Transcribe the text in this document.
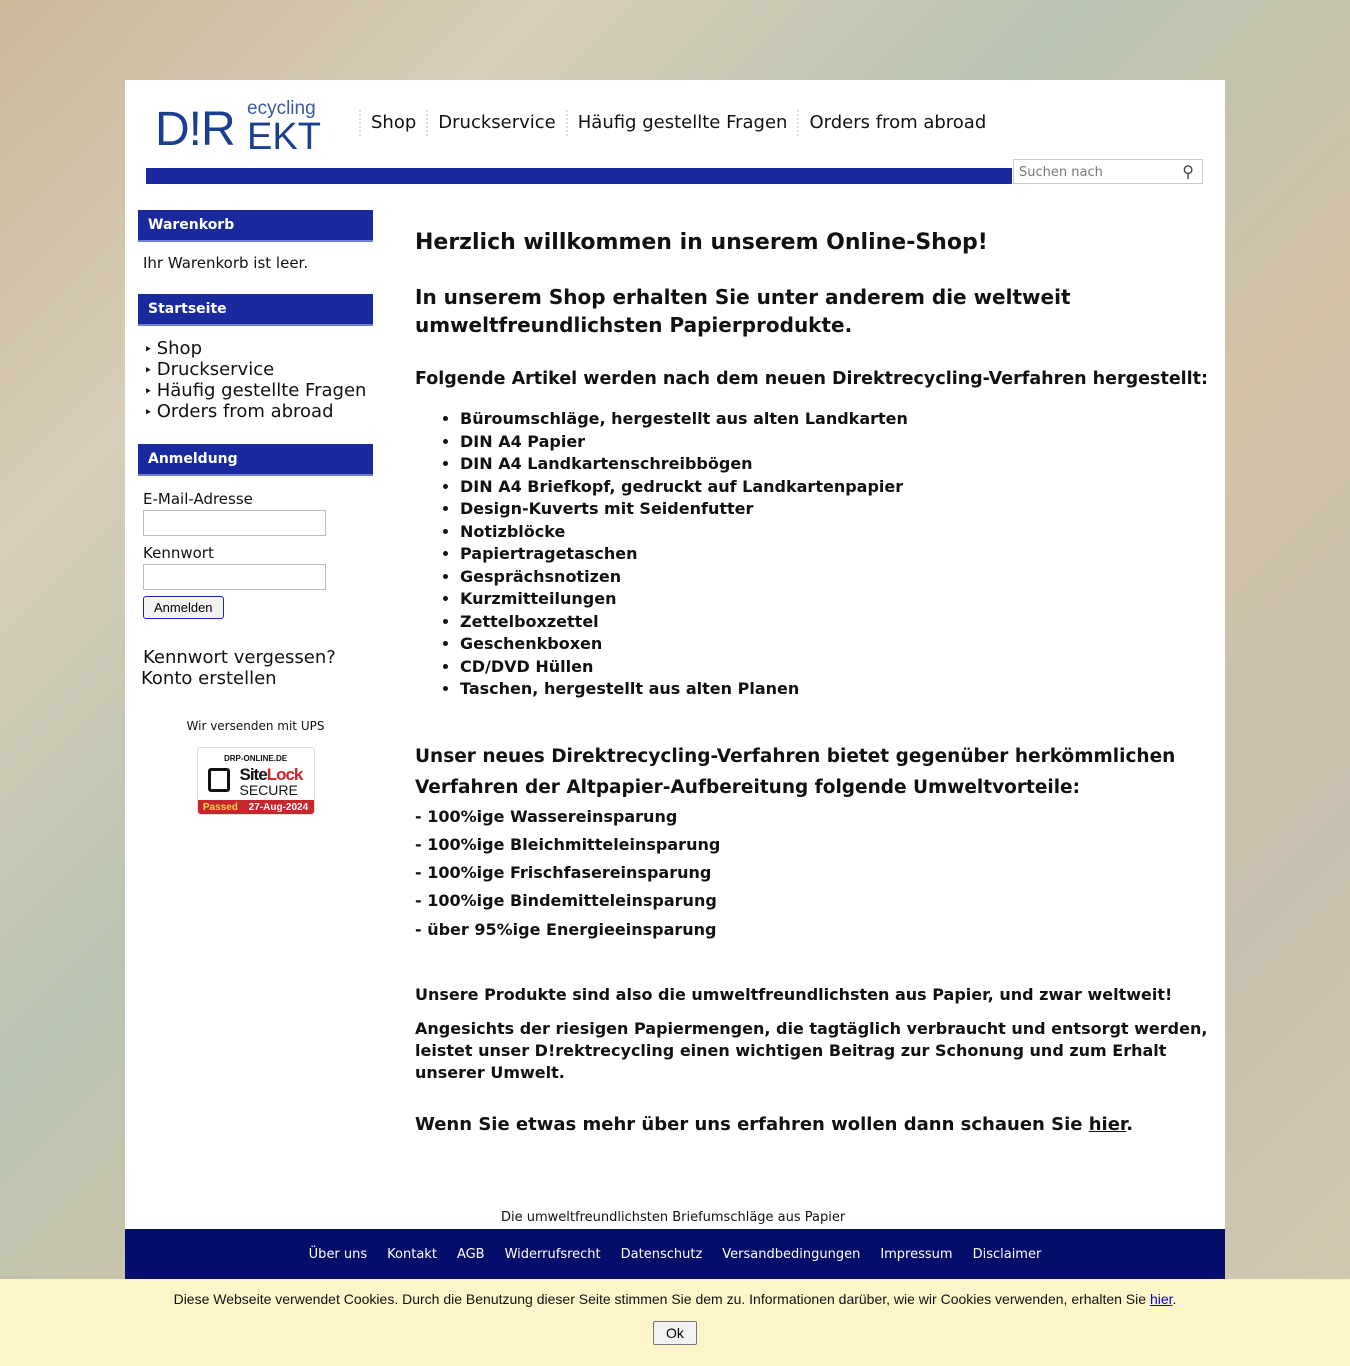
D!R ecycling
EKT	Shop	Druckservice	Häufig gestellte Fragen	Orders from abroad
Suchen nach	⚲
Warenkorb

Ihr Warenkorb ist leer.

Startseite
‣ Shop
‣ Druckservice
‣ Häufig gestellte Fragen
‣ Orders from abroad
Anmeldung
E-Mail-Adresse
Kennwort

Anmelden
Kennwort vergessen?
Konto erstellen
Wir versenden mit UPS
DRP-ONLINE.DE
SiteLock
SECURE
Passed 27-Aug-2024
Herzlich willkommen in unserem Online-Shop!
In unserem Shop erhalten Sie unter anderem die weltweit umweltfreundlichsten Papierprodukte.
Folgende Artikel werden nach dem neuen Direktrecycling-Verfahren hergestellt:
• Büroumschläge, hergestellt aus alten Landkarten
• DIN A4 Papier
• DIN A4 Landkartenschreibbögen
• DIN A4 Briefkopf, gedruckt auf Landkartenpapier
• Design-Kuverts mit Seidenfutter
• Notizblöcke
• Papiertragetaschen
• Gesprächsnotizen
• Kurzmitteilungen
• Zettelboxzettel
• Geschenkboxen
• CD/DVD Hüllen
• Taschen, hergestellt aus alten Planen
Unser neues Direktrecycling-Verfahren bietet gegenüber herkömmlichen Verfahren der Altpapier-Aufbereitung folgende Umweltvorteile:
- 100%ige Wassereinsparung
- 100%ige Bleichmitteleinsparung
- 100%ige Frischfasereinsparung
- 100%ige Bindemitteleinsparung
- über 95%ige Energieeinsparung

Unsere Produkte sind also die umweltfreundlichsten aus Papier, und zwar weltweit!

Angesichts der riesigen Papiermengen, die tagtäglich verbraucht und entsorgt werden, leistet unser D!rektrecycling einen wichtigen Beitrag zur Schonung und zum Erhalt unserer Umwelt.

Wenn Sie etwas mehr über uns erfahren wollen dann schauen Sie hier.

Die umweltfreundlichsten Briefumschläge aus Papier
Über uns Kontakt AGB Widerrufsrecht Datenschutz Versandbedingungen Impressum Disclaimer
Diese Webseite verwendet Cookies. Durch die Benutzung dieser Seite stimmen Sie dem zu. Informationen darüber, wie wir Cookies verwenden, erhalten Sie hier.
Ok
